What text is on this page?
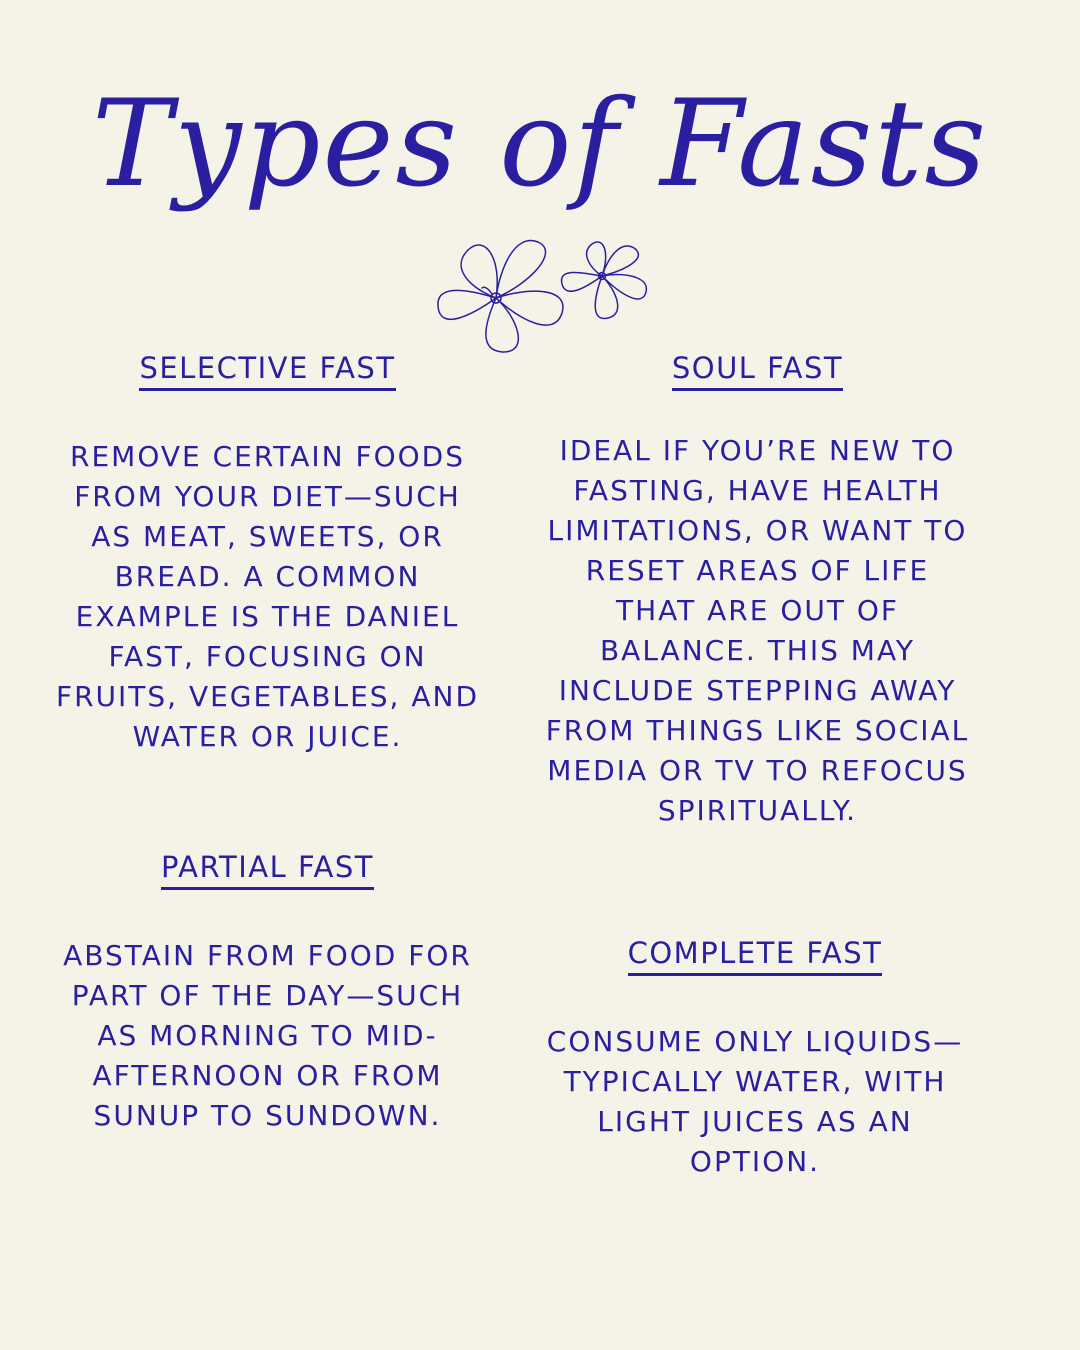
Types of Fasts
SELECTIVE FAST
REMOVE CERTAIN FOODS FROM YOUR DIET—SUCH AS MEAT, SWEETS, OR BREAD. A COMMON EXAMPLE IS THE DANIEL FAST, FOCUSING ON FRUITS, VEGETABLES, AND WATER OR JUICE.
SOUL FAST
IDEAL IF YOU’RE NEW TO FASTING, HAVE HEALTH LIMITATIONS, OR WANT TO RESET AREAS OF LIFE THAT ARE OUT OF BALANCE. THIS MAY INCLUDE STEPPING AWAY FROM THINGS LIKE SOCIAL MEDIA OR TV TO REFOCUS SPIRITUALLY.
PARTIAL FAST
ABSTAIN FROM FOOD FOR PART OF THE DAY—SUCH AS MORNING TO MID-AFTERNOON OR FROM SUNUP TO SUNDOWN.
COMPLETE FAST
CONSUME ONLY LIQUIDS—TYPICALLY WATER, WITH LIGHT JUICES AS AN OPTION.
